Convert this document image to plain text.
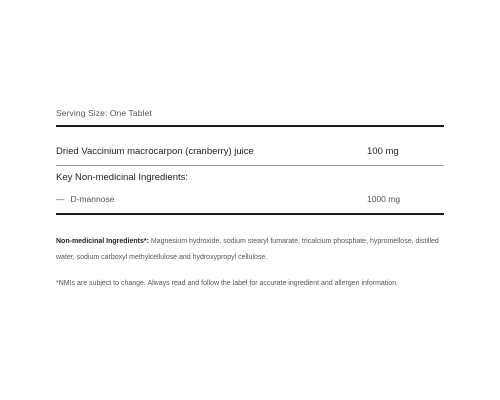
Serving Size: One Tablet
Dried Vaccinium macrocarpon (cranberry) juice	100 mg
Key Non-medicinal Ingredients:
— D-mannose	1000 mg
Non-medicinal Ingredients*: Magnesium hydroxide, sodium stearyl fumarate, tricalcium phosphate, hypromellose, distilled water, sodium carboxyl methylcellulose and hydroxypropyl cellulose.
*NMIs are subject to change. Always read and follow the label for accurate ingredient and allergen information.
